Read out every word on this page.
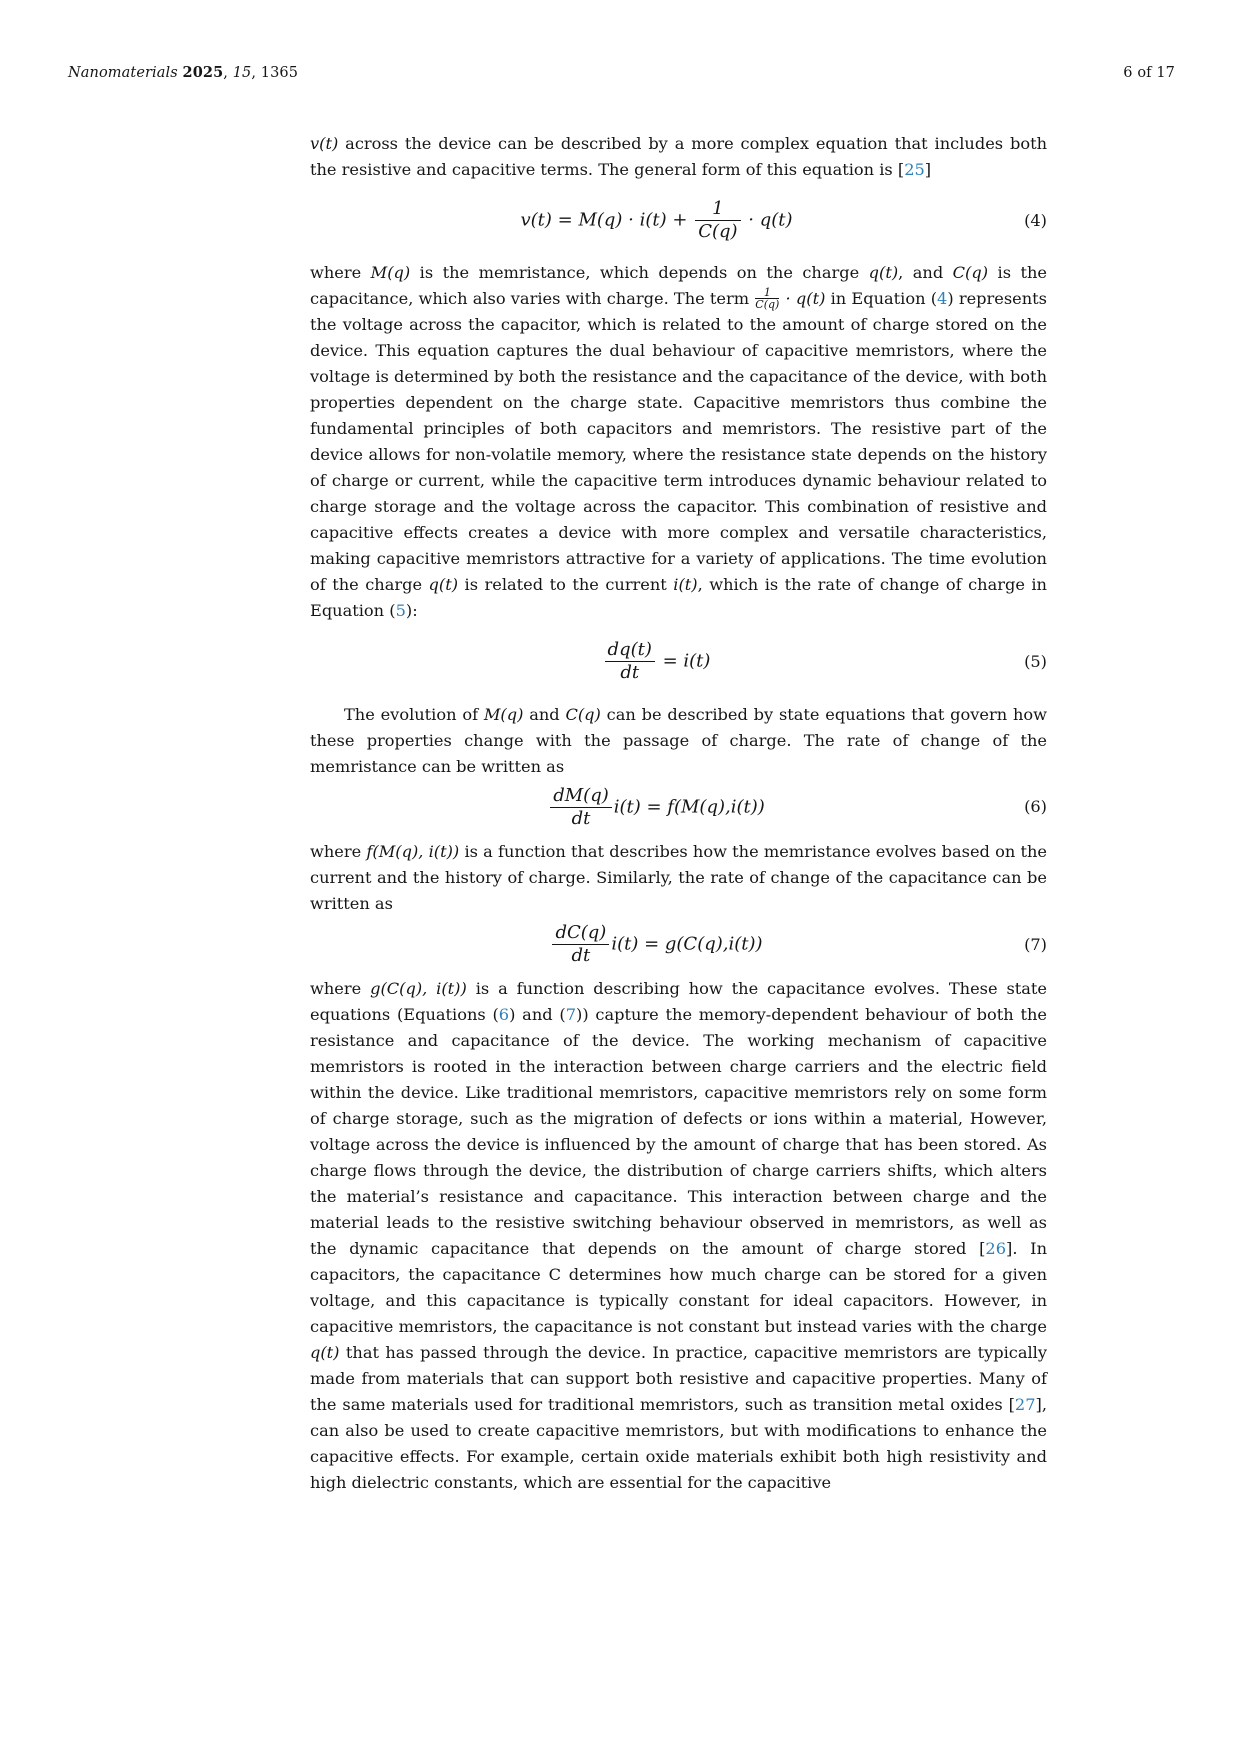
Nanomaterials 2025, 15, 1365	6 of 17

v(t) across the device can be described by a more complex equation that includes both the resistive and capacitive terms. The general form of this equation is [25]

$v(t) = M(q) \cdot i(t) + \frac{1}{C(q)} \cdot q(t)$	(4)

where M(q) is the memristance, which depends on the charge q(t), and C(q) is the capacitance, which also varies with charge. The term $\frac{1}{C(q)} \cdot q(t)$ in Equation (4) represents the voltage across the capacitor, which is related to the amount of charge stored on the device. This equation captures the dual behaviour of capacitive memristors, where the voltage is determined by both the resistance and the capacitance of the device, with both properties dependent on the charge state. Capacitive memristors thus combine the fundamental principles of both capacitors and memristors. The resistive part of the device allows for non-volatile memory, where the resistance state depends on the history of charge or current, while the capacitive term introduces dynamic behaviour related to charge storage and the voltage across the capacitor. This combination of resistive and capacitive effects creates a device with more complex and versatile characteristics, making capacitive memristors attractive for a variety of applications. The time evolution of the charge q(t) is related to the current i(t), which is the rate of change of charge in Equation (5):

$\frac{dq(t)}{dt} = i(t)$	(5)

The evolution of M(q) and C(q) can be described by state equations that govern how these properties change with the passage of charge. The rate of change of the memristance can be written as

$\frac{dM(q)}{dt} i(t) = f(M(q),i(t))$	(6)

where f(M(q), i(t)) is a function that describes how the memristance evolves based on the current and the history of charge. Similarly, the rate of change of the capacitance can be written as

$\frac{dC(q)}{dt} i(t) = g(C(q),i(t))$	(7)

where g(C(q), i(t)) is a function describing how the capacitance evolves. These state equations (Equations (6) and (7)) capture the memory-dependent behaviour of both the resistance and capacitance of the device. The working mechanism of capacitive memristors is rooted in the interaction between charge carriers and the electric field within the device. Like traditional memristors, capacitive memristors rely on some form of charge storage, such as the migration of defects or ions within a material, However, voltage across the device is influenced by the amount of charge that has been stored. As charge flows through the device, the distribution of charge carriers shifts, which alters the material’s resistance and capacitance. This interaction between charge and the material leads to the resistive switching behaviour observed in memristors, as well as the dynamic capacitance that depends on the amount of charge stored [26]. In capacitors, the capacitance C determines how much charge can be stored for a given voltage, and this capacitance is typically constant for ideal capacitors. However, in capacitive memristors, the capacitance is not constant but instead varies with the charge q(t) that has passed through the device. In practice, capacitive memristors are typically made from materials that can support both resistive and capacitive properties. Many of the same materials used for traditional memristors, such as transition metal oxides [27], can also be used to create capacitive memristors, but with modifications to enhance the capacitive effects. For example, certain oxide materials exhibit both high resistivity and high dielectric constants, which are essential for the capacitive
